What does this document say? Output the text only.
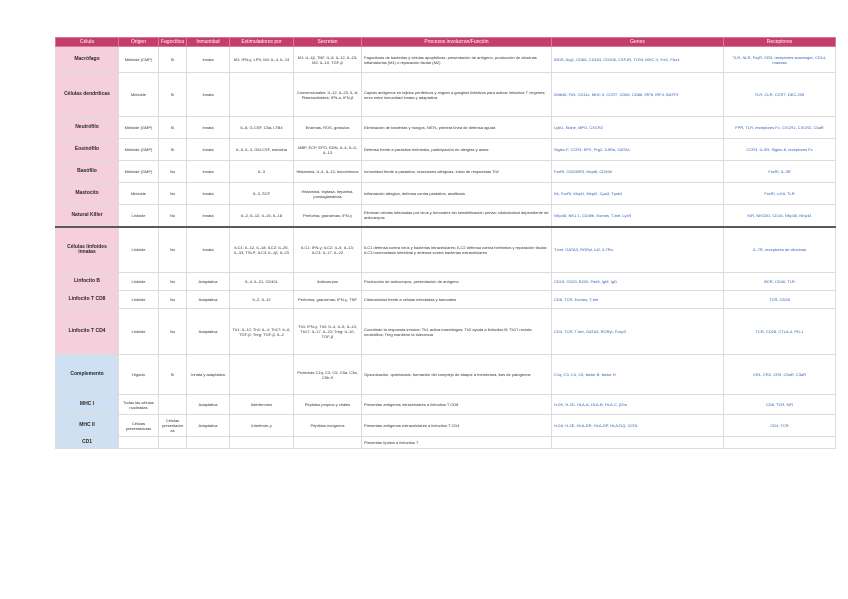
Célula	Origen	Fagocítica	Inmunidad	Estimuladores por	Secretan	Procesos involucran/Función	Genes	Receptores
Macrófago	Mieloide (CMP)	Sí	Innata	M1: IFN-γ, LPS; M2: IL-4, IL-13	M1: IL-1β, TNF, IL-6, IL-12, IL-23; M2: IL-10, TGF-β	Fagocitosis de bacterias y células apoptóticas, presentación de antígeno, producción de citocinas inflamatorias (M1) o reparación tisular (M2)	iNOS, Arg1, CD68, CD163, CD206, CSF1R, TLR4, MHC II, Ym1, Fizz1	TLR, NLR, FcγR, CR3, receptores scavenger, CD14, manosa
Células dendríticas	Mieloide	Sí	Innata		Convencionales: IL-12, IL-23, IL-6; Plasmocitoides: IFN-α, IFN-β	Captan antígenos en tejidos periféricos y migran a ganglios linfáticos para activar linfocitos T vírgenes; nexo entre inmunidad innata y adaptativa	Zbtb46, Flt3, CD11c, MHC II, CCR7, CD80, CD86, IRF8, IRF4, BATF3	TLR, CLR, CCR7, DEC-205
Neutrófilo	Mieloide (GMP)	Sí	Innata	IL-8, G-CSF, C5a, LTB4	Enzimas, ROS, gránulos	Eliminación de bacterias y hongos, NETs, primera línea de defensa aguda	Ly6G, Elane, MPO, CXCR2	FPR, TLR, receptores Fc, CXCR1, CXCR2, C5aR
Eosinófilo	Mieloide (GMP)	Sí	Innata	IL-5, IL-3, GM-CSF, eotaxina	MBP, ECP, EPO, EDN, IL-4, IL-5, IL-13	Defensa frente a parásitos helmintos, participación en alergias y asma	Siglec-F, CCR3, EPX, Prg2, IL5Rα, GATA1	CCR3, IL-5R, Siglec-8, receptores Fc
Basófilo	Mieloide (GMP)	No	Innata	IL-3	Histamina, IL-4, IL-13, leucotrienos	Inmunidad frente a parásitos, reacciones alérgicas, inicio de respuestas Th2	FcεRI, CD200R3, Mcpt8, CD49b	FcεRI, IL-3R
Mastocito	Mieloide	No	Innata	IL-3, SCF	Histamina, triptasa, heparina, prostaglandinas	Inflamación alérgica, defensa contra parásitos, anafilaxia	Kit, FcεRI, Mcpt1, Mcpt2, Cpa3, Tpsb2	FcεRI, c-Kit, TLR
Natural Killer	Linfoide	No	Innata	IL-2, IL-12, IL-15, IL-18	Perforina, granzimas, IFN-γ	Eliminan células infectadas por virus y tumorales sin sensibilización previa; citotoxicidad dependiente de anticuerpos	NKp46, NK1.1, CD49b, Eomes, T-bet, Ly49	KIR, NKG2D, CD16, NKp30, NKp44
Células linfoides innatas	Linfoide	No	Innata	ILC1: IL-12, IL-18; ILC2: IL-25, IL-33, TSLP; ILC3: IL-1β, IL-23	ILC1: IFN-γ; ILC2: IL-5, IL-13; ILC3: IL-17, IL-22	ILC1 defensa contra virus y bacterias intracelulares; ILC2 defensa contra helmintos y reparación tisular; ILC3 homeostasis intestinal y defensa contra bacterias extracelulares	T-bet, GATA3, RORγt, Id2, IL7Rα	IL-7R, receptores de citocinas
Linfocito B	Linfoide	No	Adaptativa	IL-4, IL-21, CD40L	Anticuerpos	Producción de anticuerpos, presentación de antígeno	CD19, CD20, B220, Pax5, IgM, IgD	BCR, CD40, TLR
Linfocito T CD8	Linfoide	No	Adaptativa	IL-2, IL-12	Perforina, granzimas, IFN-γ, TNF	Citotoxicidad frente a células infectadas y tumorales	CD8, TCR, Eomes, T-bet	TCR, CD28
Linfocito T CD4	Linfoide	No	Adaptativa	Th1: IL-12; Th2: IL-4; Th17: IL-6, TGF-β; Treg: TGF-β, IL-2	Th1: IFN-γ; Th2: IL-4, IL-5, IL-13; Th17: IL-17, IL-22; Treg: IL-10, TGF-β	Coordinan la respuesta inmune: Th1 activa macrófagos; Th2 ayuda a linfocitos B; Th17 recluta neutrófilos; Treg mantiene la tolerancia	CD4, TCR, T-bet, GATA3, RORγt, Foxp3	TCR, CD28, CTLA-4, PD-1
Complemento	Hígado	Sí	Innata y adaptativa		Proteínas C1q, C3, C5, C5a, C3a, C5b-9	Opsonización, quimiotaxis, formación del complejo de ataque a membrana, lisis de patógenos	C1q, C3, C4, C5, factor B, factor H	CR1, CR2, CR3, C5aR, C3aR
MHC I	Todas las células nucleadas		Adaptativa	Interferones	Péptidos propios y virales	Presentan antígenos intracelulares a linfocitos T CD8	H-2K, H-2D, HLA-A, HLA-B, HLA-C, β2m	CD8, TCR, KIR
MHC II	Células presentadoras	Células presentadoras	Adaptativa	Interferón-γ	Péptidos exógenos	Presentan antígenos extracelulares a linfocitos T CD4	H-2A, H-2E, HLA-DR, HLA-DP, HLA-DQ, CIITA	CD4, TCR
CD1						Presentan lípidos a linfocitos T		
